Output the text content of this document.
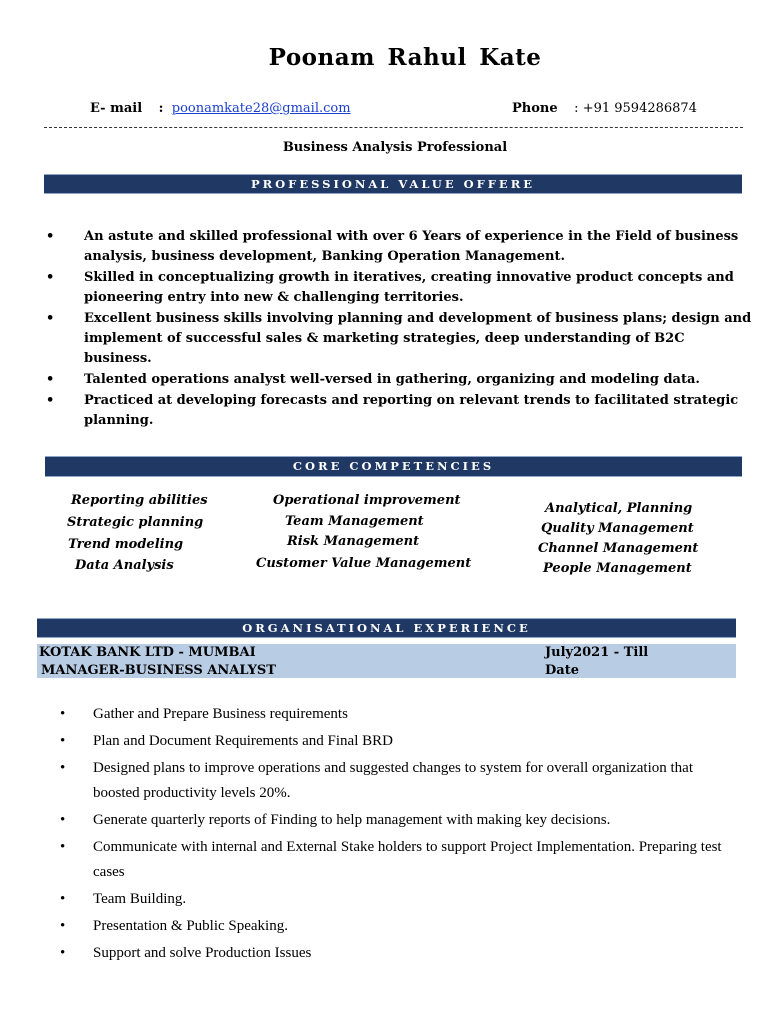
Poonam Rahul Kate
E- mail : poonamkate28@gmail.com	Phone : +91 9594286874
Business Analysis Professional
PROFESSIONAL VALUE OFFERE
• An astute and skilled professional with over 6 Years of experience in the Field of business analysis, business development, Banking Operation Management.
• Skilled in conceptualizing growth in iteratives, creating innovative product concepts and pioneering entry into new & challenging territories.
• Excellent business skills involving planning and development of business plans; design and implement of successful sales & marketing strategies, deep understanding of B2C business.
• Talented operations analyst well-versed in gathering, organizing and modeling data.
• Practiced at developing forecasts and reporting on relevant trends to facilitated strategic planning.
CORE COMPETENCIES
Reporting abilities
Strategic planning
Trend modeling
Data Analysis
Operational improvement
Team Management
Risk Management
Customer Value Management
Analytical, Planning
Quality Management
Channel Management
People Management
ORGANISATIONAL EXPERIENCE
KOTAK BANK LTD - MUMBAI
MANAGER-BUSINESS ANALYST
July2021 - Till
Date
• Gather and Prepare Business requirements
• Plan and Document Requirements and Final BRD
• Designed plans to improve operations and suggested changes to system for overall organization that boosted productivity levels 20%.
• Generate quarterly reports of Finding to help management with making key decisions.
• Communicate with internal and External Stake holders to support Project Implementation. Preparing test cases
• Team Building.
• Presentation & Public Speaking.
• Support and solve Production Issues
